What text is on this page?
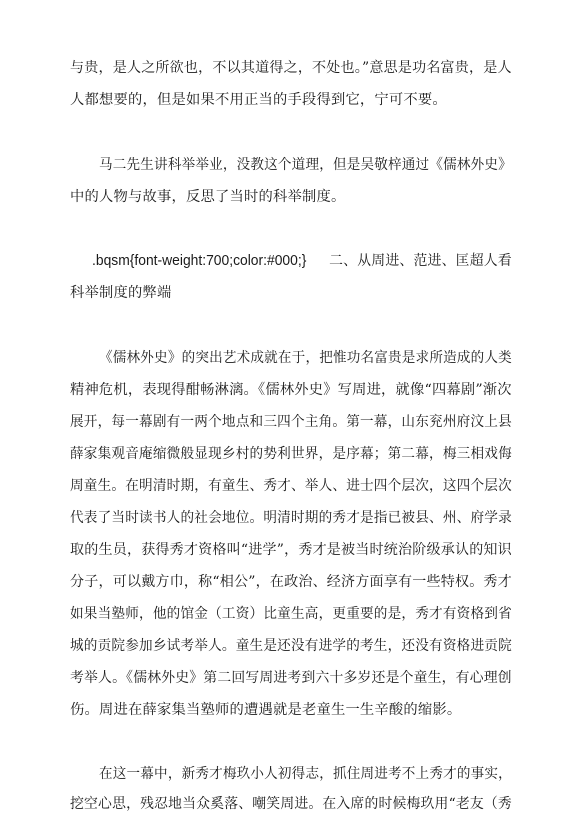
与贵，是人之所欲也，不以其道得之，不处也。”意思是功名富贵，是人
人都想要的，但是如果不用正当的手段得到它，宁可不要。
马二先生讲科举举业，没教这个道理，但是吴敬梓通过《儒林外史》
中的人物与故事，反思了当时的科举制度。
.bqsm{font-weight:700;color:#000;} 二、从周进、范进、匡超人看
科举制度的弊端
《儒林外史》的突出艺术成就在于，把惟功名富贵是求所造成的人类
精神危机，表现得酣畅淋漓。《儒林外史》写周进，就像“四幕剧”渐次
展开，每一幕剧有一两个地点和三四个主角。第一幕，山东兖州府汶上县
薛家集观音庵缩微般显现乡村的势利世界，是序幕；第二幕，梅三相戏侮
周童生。在明清时期，有童生、秀才、举人、进士四个层次，这四个层次
代表了当时读书人的社会地位。明清时期的秀才是指已被县、州、府学录
取的生员，获得秀才资格叫“进学”，秀才是被当时统治阶级承认的知识
分子，可以戴方巾，称“相公”，在政治、经济方面享有一些特权。秀才
如果当塾师，他的馆金（工资）比童生高，更重要的是，秀才有资格到省
城的贡院参加乡试考举人。童生是还没有进学的考生，还没有资格进贡院
考举人。《儒林外史》第二回写周进考到六十多岁还是个童生，有心理创
伤。周进在薛家集当塾师的遭遇就是老童生一生辛酸的缩影。
在这一幕中，新秀才梅玖小人初得志，抓住周进考不上秀才的事实，
挖空心思，残忍地当众奚落、嘲笑周进。在入席的时候梅玖用“老友（秀
